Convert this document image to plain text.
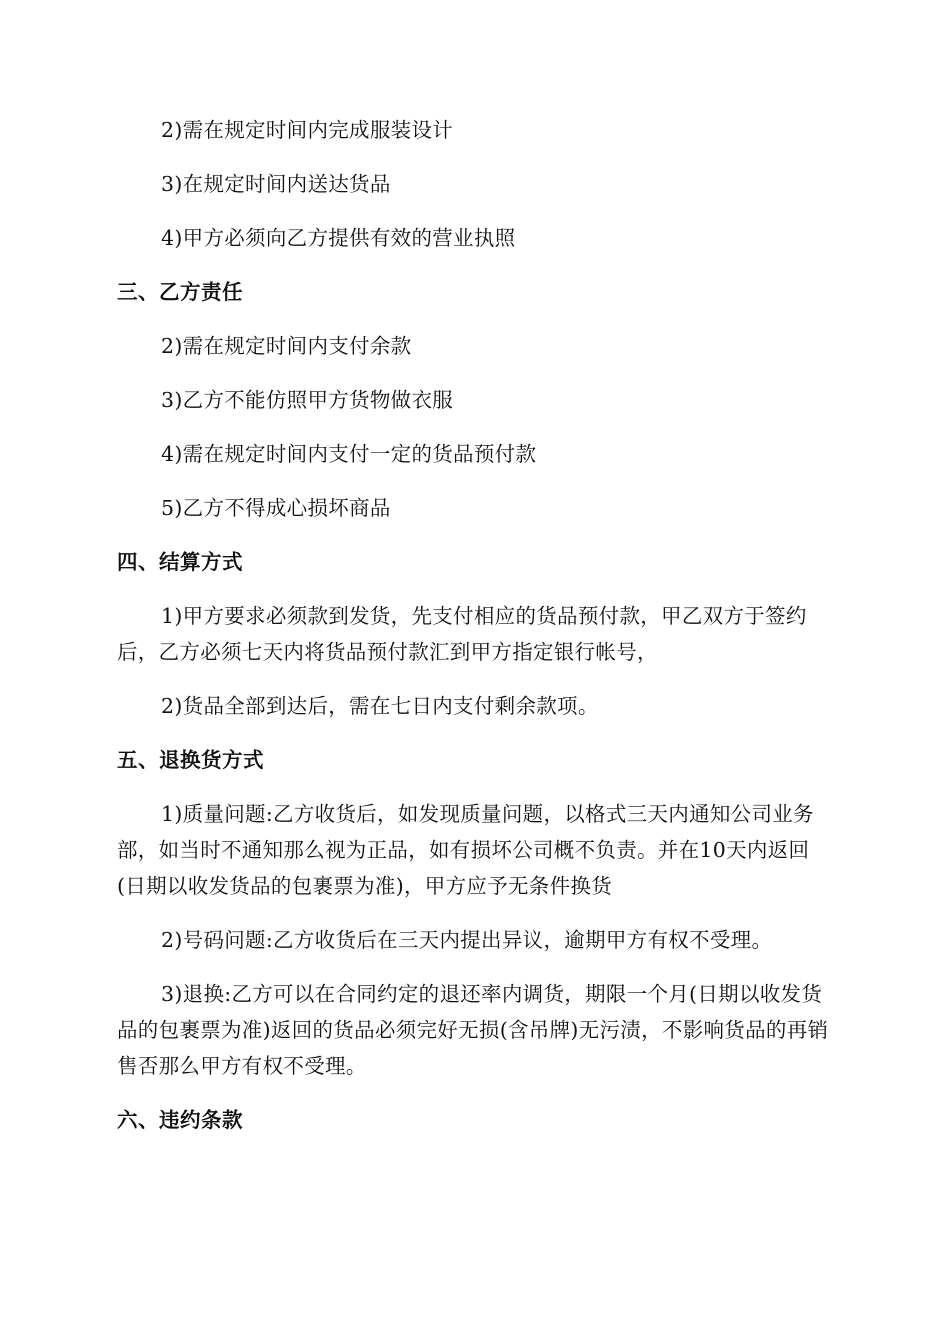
2)需在规定时间内完成服装设计

3)在规定时间内送达货品

4)甲方必须向乙方提供有效的营业执照

三、乙方责任

2)需在规定时间内支付余款

3)乙方不能仿照甲方货物做衣服

4)需在规定时间内支付一定的货品预付款

5)乙方不得成心损坏商品

四、结算方式

1)甲方要求必须款到发货，先支付相应的货品预付款，甲乙双方于签约后，乙方必须七天内将货品预付款汇到甲方指定银行帐号，

2)货品全部到达后，需在七日内支付剩余款项。

五、退换货方式

1)质量问题:乙方收货后，如发现质量问题，以格式三天内通知公司业务部，如当时不通知那么视为正品，如有损坏公司概不负责。并在10天内返回(日期以收发货品的包裹票为准)，甲方应予无条件换货

2)号码问题:乙方收货后在三天内提出异议，逾期甲方有权不受理。

3)退换:乙方可以在合同约定的退还率内调货，期限一个月(日期以收发货品的包裹票为准)返回的货品必须完好无损(含吊牌)无污渍，不影响货品的再销售否那么甲方有权不受理。

六、违约条款
